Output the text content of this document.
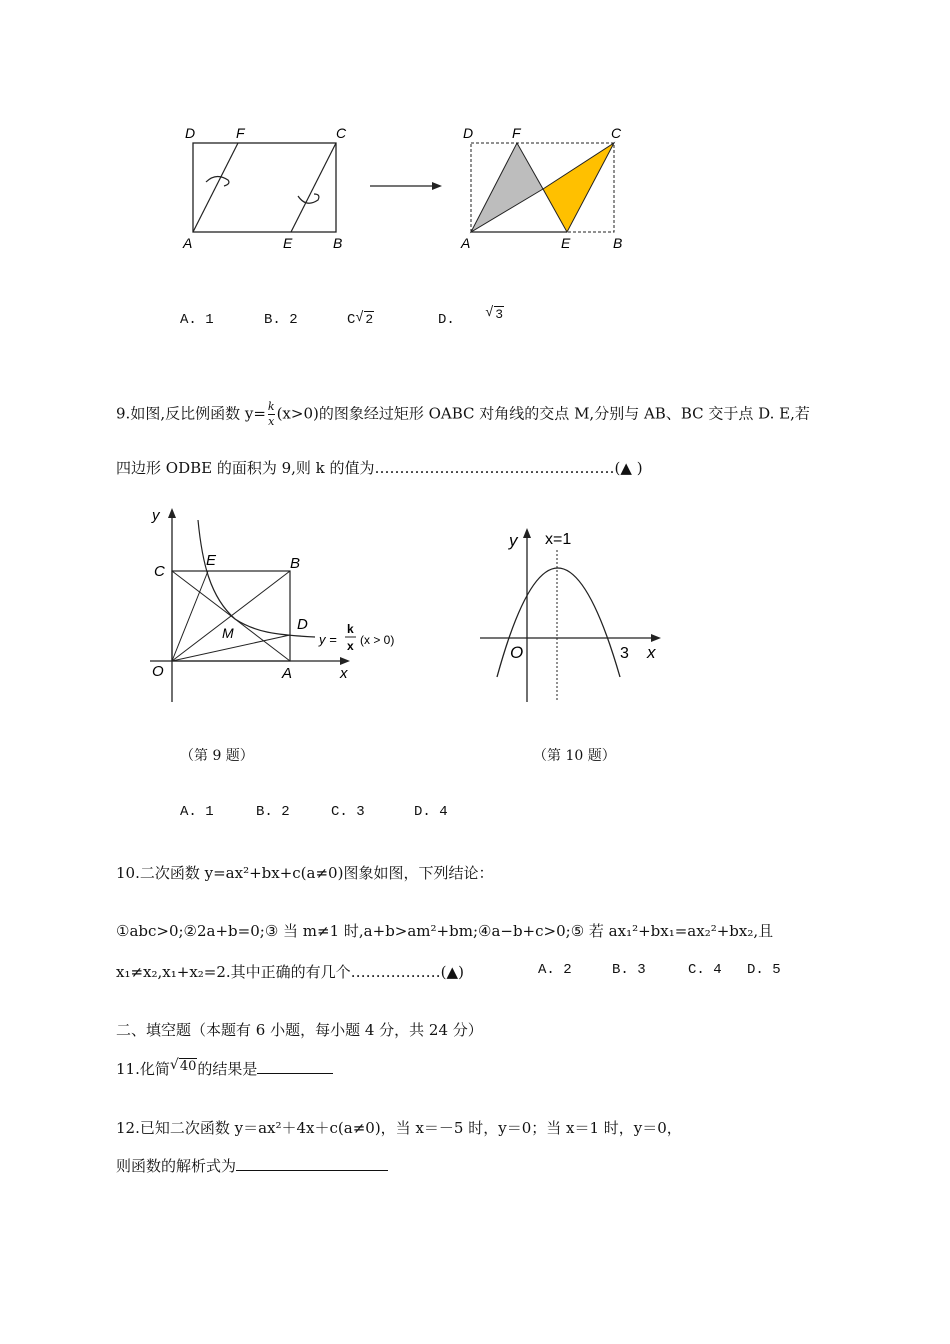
D	F	C
A	E	B
D	F	C
A	E	B
A. 1	B. 2	C √ 2	D. √ 3
9.如图,反比例函数 $y= \frac{k}{x} (x>0)$的图象经过矩形 OABC 对角线的交点 M,分别与 AB、BC 交于点 D. E,若
四边形 ODBE 的面积为 9,则 k 的值为…………………………………………(▲ )
y
C
E	B
D
M
O	A	x
y =
k
x (x > 0)
y x=1
O	3 x
（第 9 题）	（第 10 题）
A. 1	B. 2	C. 3	D. 4
10.二次函数 y=ax²+bx+c(a≠0)图象如图，下列结论：
①abc>0;②2a+b=0;③ 当 m≠1 时,a+b>am²+bm;④a−b+c>0;⑤ 若 ax₁²+bx₁=ax₂²+bx₂,且
x₁≠x₂,x₁+x₂=2.其中正确的有几个………………(▲)	A. 2	B. 3	C. 4 D. 5
二、填空题（本题有 6 小题，每小题 4 分，共 24 分）
11.化简 √ 40的结果是
12.已知二次函数 y＝ax²＋4x＋c(a≠0)，当 x＝－5 时，y＝0；当 x＝1 时，y＝0，
则函数的解析式为
